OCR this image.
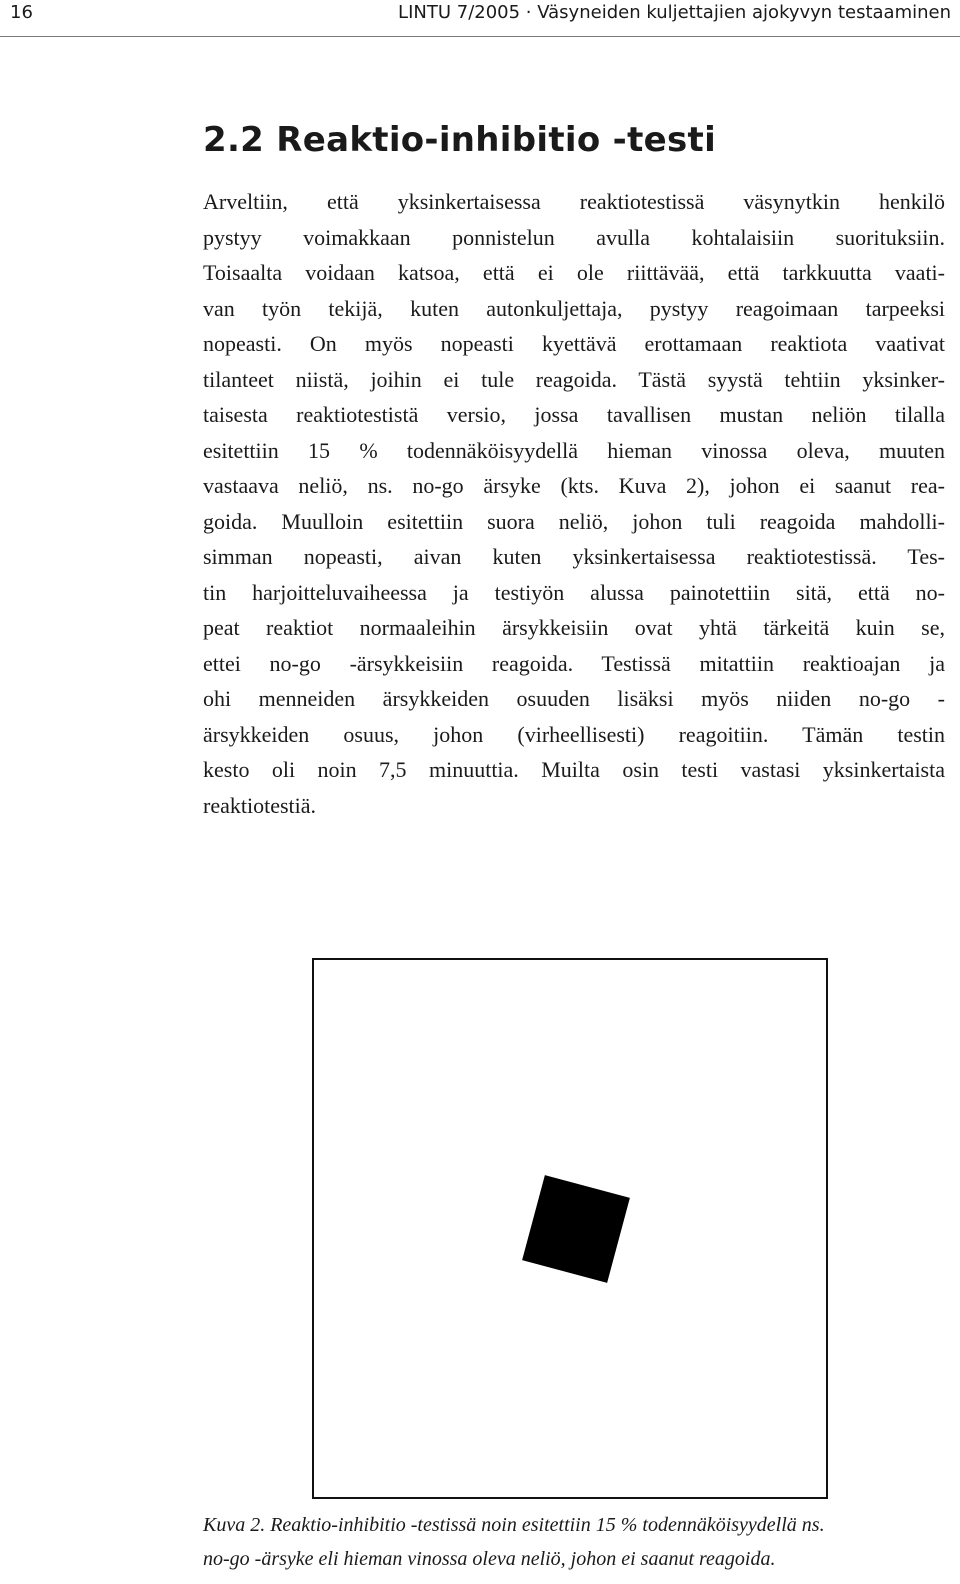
16	LINTU 7/2005 · Väsyneiden kuljettajien ajokyvyn testaaminen
2.2 Reaktio-inhibitio -testi
Arveltiin, että yksinkertaisessa reaktiotestissä väsynytkin henkilö
pystyy voimakkaan ponnistelun avulla kohtalaisiin suorituksiin.
Toisaalta voidaan katsoa, että ei ole riittävää, että tarkkuutta vaati-
van työn tekijä, kuten autonkuljettaja, pystyy reagoimaan tarpeeksi
nopeasti. On myös nopeasti kyettävä erottamaan reaktiota vaativat
tilanteet niistä, joihin ei tule reagoida. Tästä syystä tehtiin yksinker-
taisesta reaktiotestistä versio, jossa tavallisen mustan neliön tilalla
esitettiin 15 % todennäköisyydellä hieman vinossa oleva, muuten
vastaava neliö, ns. no-go ärsyke (kts. Kuva 2), johon ei saanut rea-
goida. Muulloin esitettiin suora neliö, johon tuli reagoida mahdolli-
simman nopeasti, aivan kuten yksinkertaisessa reaktiotestissä. Tes-
tin harjoitteluvaiheessa ja testiyön alussa painotettiin sitä, että no-
peat reaktiot normaaleihin ärsykkeisiin ovat yhtä tärkeitä kuin se,
ettei no-go -ärsykkeisiin reagoida. Testissä mitattiin reaktioajan ja
ohi menneiden ärsykkeiden osuuden lisäksi myös niiden no-go -
ärsykkeiden osuus, johon (virheellisesti) reagoitiin. Tämän testin
kesto oli noin 7,5 minuuttia. Muilta osin testi vastasi yksinkertaista
reaktiotestiä.
Kuva 2. Reaktio-inhibitio -testissä noin esitettiin 15 % todennäköisyydellä ns.
no-go -ärsyke eli hieman vinossa oleva neliö, johon ei saanut reagoida.
